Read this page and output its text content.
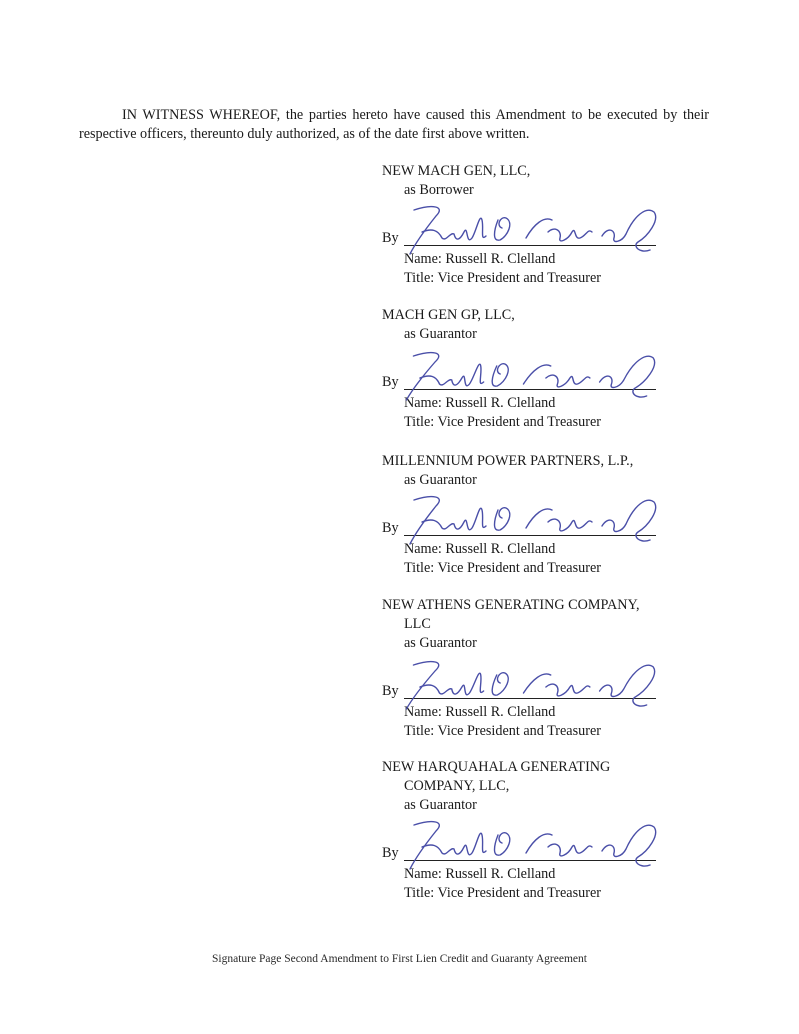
IN WITNESS WHEREOF, the parties hereto have caused this Amendment to be executed by their respective officers, thereunto duly authorized, as of the date first above written.

NEW MACH GEN, LLC,
as Borrower
By
Name: Russell R. Clelland
Title: Vice President and Treasurer
MACH GEN GP, LLC,
as Guarantor
By
Name: Russell R. Clelland
Title: Vice President and Treasurer
MILLENNIUM POWER PARTNERS, L.P.,
as Guarantor
By
Name: Russell R. Clelland
Title: Vice President and Treasurer
NEW ATHENS GENERATING COMPANY,
LLC
as Guarantor
By
Name: Russell R. Clelland
Title: Vice President and Treasurer
NEW HARQUAHALA GENERATING
COMPANY, LLC,
as Guarantor
By
Name: Russell R. Clelland
Title: Vice President and Treasurer
Signature Page Second Amendment to First Lien Credit and Guaranty Agreement
